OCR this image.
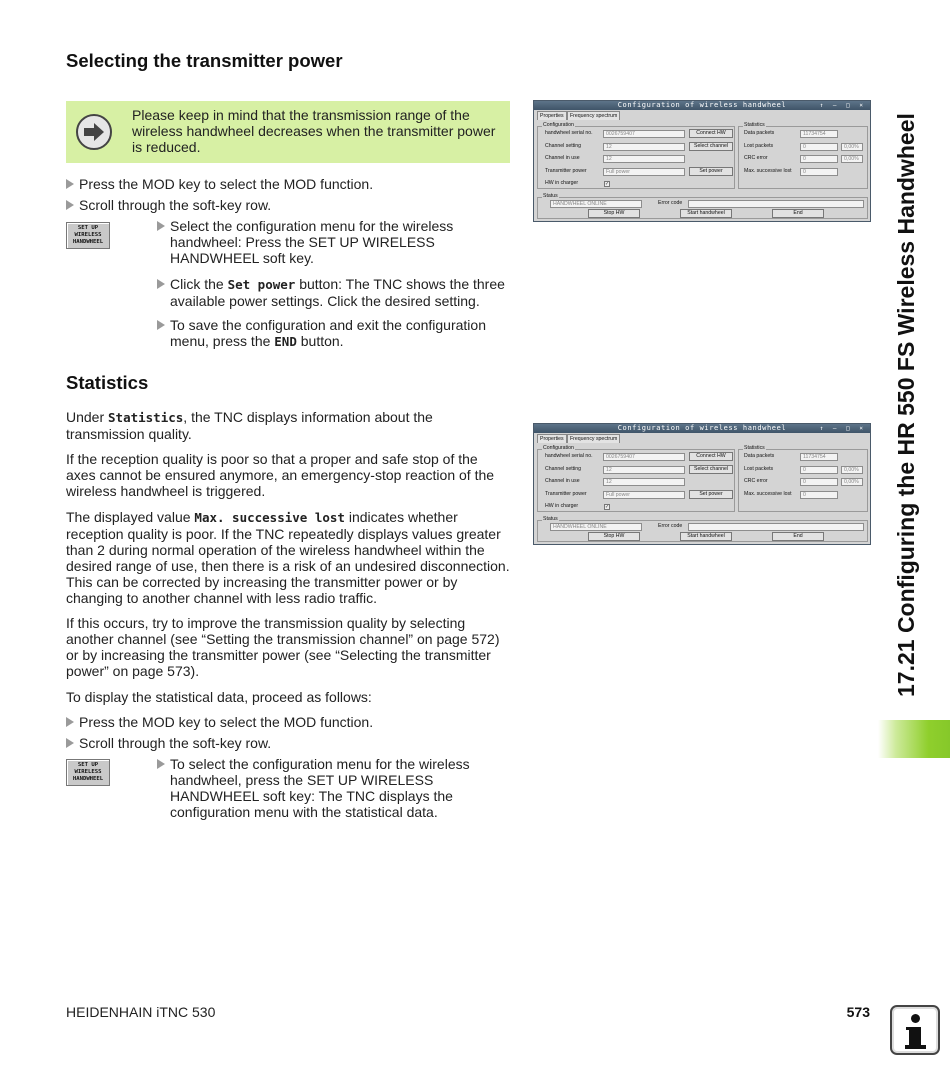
Selecting the transmitter power
Please keep in mind that the transmission range of the wireless handwheel decreases when the transmitter power is reduced.
Press the MOD key to select the MOD function.
Scroll through the soft-key row.
SET UP
WIRELESS
HANDWHEEL
Select the configuration menu for the wireless handwheel: Press the SET UP WIRELESS HANDWHEEL soft key.
Click the Set power button: The TNC shows the three available power settings. Click the desired setting.
To save the configuration and exit the configuration menu, press the END button.
Statistics
Under Statistics, the TNC displays information about the transmission quality.
If the reception quality is poor so that a proper and safe stop of the axes cannot be ensured anymore, an emergency-stop reaction of the wireless handwheel is triggered.
The displayed value Max. successive lost indicates whether reception quality is poor. If the TNC repeatedly displays values greater than 2 during normal operation of the wireless handwheel within the desired range of use, then there is a risk of an undesired disconnection. This can be corrected by increasing the transmitter power or by changing to another channel with less radio traffic.
If this occurs, try to improve the transmission quality by selecting another channel (see “Setting the transmission channel” on page 572) or by increasing the transmitter power (see “Selecting the transmitter power” on page 573).
To display the statistical data, proceed as follows:
Press the MOD key to select the MOD function.
Scroll through the soft-key row.
SET UP
WIRELESS
HANDWHEEL
To select the configuration menu for the wireless handwheel, press the SET UP WIRELESS HANDWHEEL soft key: The TNC displays the configuration menu with the statistical data.
Configuration of wireless handwheel	↑ – □ ×
Properties	Frequency spectrum
Configuration
handwheel serial no.	0026759407	Connect HW
Channel setting	12	Select channel
Channel in use	12
Transmitter power	Full power	Set power
HW in charger	✓
Statistics
Data packets	11734754
Lost packets	0	0,00%
CRC error	0	0,00%
Max. successive lost	0
Status
HANDWHEEL ONLINE	Error code
Stop HW	Start handwheel	End
Configuration of wireless handwheel	↑ – □ ×
Properties	Frequency spectrum
Configuration
handwheel serial no.	0026759407	Connect HW
Channel setting	12	Select channel
Channel in use	12
Transmitter power	Full power	Set power
HW in charger	✓
Statistics
Data packets	11734754
Lost packets	0	0,00%
CRC error	0	0,00%
Max. successive lost	0
Status
HANDWHEEL ONLINE	Error code
Stop HW	Start handwheel	End	17.21 Configuring the HR 550 FS Wireless Handwheel
HEIDENHAIN iTNC 530	573
